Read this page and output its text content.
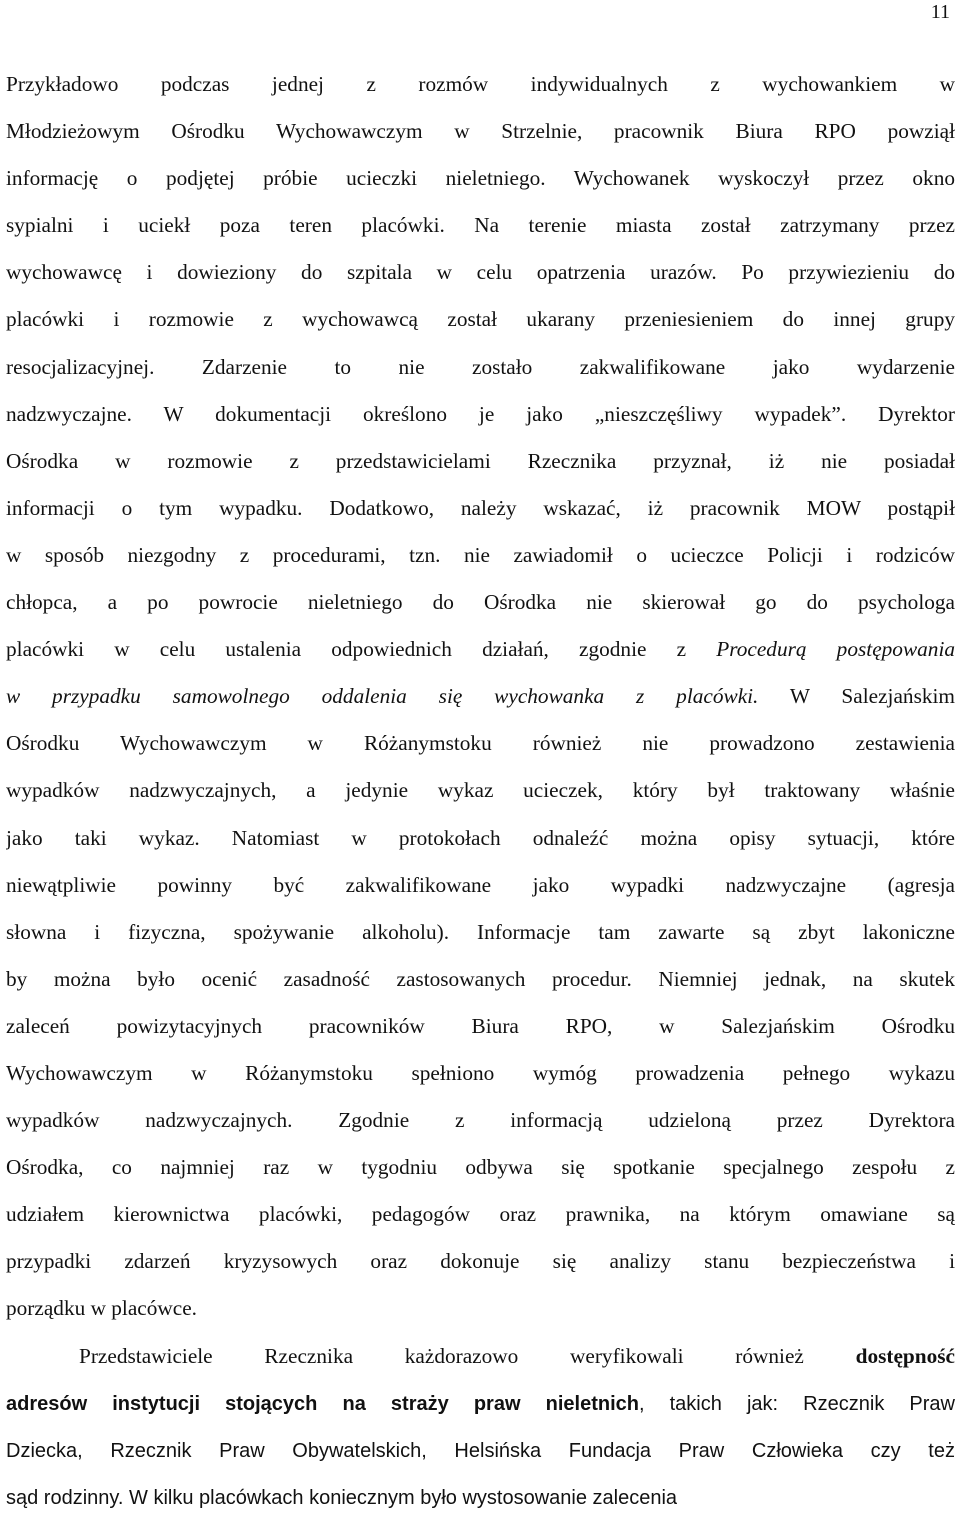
11
Przykładowo podczas jednej z rozmów indywidualnych z wychowankiem w
Młodzieżowym Ośrodku Wychowawczym w Strzelnie, pracownik Biura RPO powziął
informację o podjętej próbie ucieczki nieletniego. Wychowanek wyskoczył przez okno
sypialni i uciekł poza teren placówki. Na terenie miasta został zatrzymany przez
wychowawcę i dowieziony do szpitala w celu opatrzenia urazów. Po przywiezieniu do
placówki i rozmowie z wychowawcą został ukarany przeniesieniem do innej grupy
resocjalizacyjnej. Zdarzenie to nie zostało zakwalifikowane jako wydarzenie
nadzwyczajne. W dokumentacji określono je jako „nieszczęśliwy wypadek”. Dyrektor
Ośrodka w rozmowie z przedstawicielami Rzecznika przyznał, iż nie posiadał
informacji o tym wypadku. Dodatkowo, należy wskazać, iż pracownik MOW postąpił
w sposób niezgodny z procedurami, tzn. nie zawiadomił o ucieczce Policji i rodziców
chłopca, a po powrocie nieletniego do Ośrodka nie skierował go do psychologa
placówki w celu ustalenia odpowiednich działań, zgodnie z Procedurą postępowania
w przypadku samowolnego oddalenia się wychowanka z placówki. W Salezjańskim
Ośrodku Wychowawczym w Różanymstoku również nie prowadzono zestawienia
wypadków nadzwyczajnych, a jedynie wykaz ucieczek, który był traktowany właśnie
jako taki wykaz. Natomiast w protokołach odnaleźć można opisy sytuacji, które
niewątpliwie powinny być zakwalifikowane jako wypadki nadzwyczajne (agresja
słowna i fizyczna, spożywanie alkoholu). Informacje tam zawarte są zbyt lakoniczne
by można było ocenić zasadność zastosowanych procedur. Niemniej jednak, na skutek
zaleceń powizytacyjnych pracowników Biura RPO, w Salezjańskim Ośrodku
Wychowawczym w Różanymstoku spełniono wymóg prowadzenia pełnego wykazu
wypadków nadzwyczajnych. Zgodnie z informacją udzieloną przez Dyrektora
Ośrodka, co najmniej raz w tygodniu odbywa się spotkanie specjalnego zespołu z
udziałem kierownictwa placówki, pedagogów oraz prawnika, na którym omawiane są
przypadki zdarzeń kryzysowych oraz dokonuje się analizy stanu bezpieczeństwa i
porządku w placówce.
Przedstawiciele Rzecznika każdorazowo weryfikowali również dostępność
adresów instytucji stojących na straży praw nieletnich, takich jak: Rzecznik Praw
Dziecka, Rzecznik Praw Obywatelskich, Helsińska Fundacja Praw Człowieka czy też
sąd rodzinny. W kilku placówkach koniecznym było wystosowanie zalecenia
